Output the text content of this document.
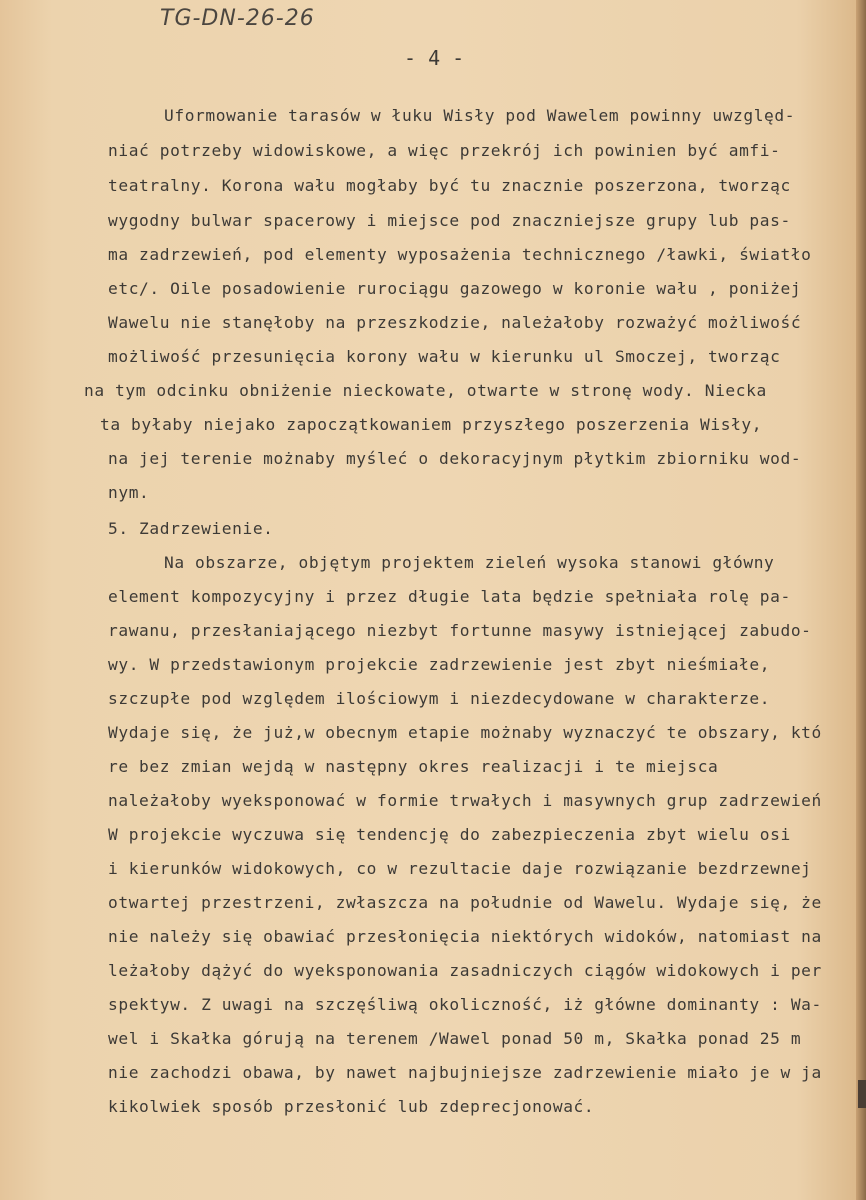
TG-DN-26-26
- 4 -
Uformowanie tarasów w łuku Wisły pod Wawelem powinny uwzględ-
niać potrzeby widowiskowe, a więc przekrój ich powinien być amfi-
teatralny. Korona wału mogłaby być tu znacznie poszerzona, tworząc
wygodny bulwar spacerowy i miejsce pod znaczniejsze grupy lub pas-
ma zadrzewień, pod elementy wyposażenia technicznego /ławki, światło
etc/. Oile posadowienie rurociągu gazowego w koronie wału , poniżej
Wawelu nie stanęłoby na przeszkodzie, należałoby rozważyć możliwość
możliwość przesunięcia korony wału w kierunku ul Smoczej, tworząc
na tym odcinku obniżenie nieckowate, otwarte w stronę wody. Niecka
ta byłaby niejako zapoczątkowaniem przyszłego poszerzenia Wisły,
na jej terenie możnaby myśleć o dekoracyjnym płytkim zbiorniku wod-
nym.
5. Zadrzewienie.
Na obszarze, objętym projektem zieleń wysoka stanowi główny
element kompozycyjny i przez długie lata będzie spełniała rolę pa-
rawanu, przesłaniającego niezbyt fortunne masywy istniejącej zabudo-
wy. W przedstawionym projekcie zadrzewienie jest zbyt nieśmiałe,
szczupłe pod względem ilościowym i niezdecydowane w charakterze.
Wydaje się, że już,w obecnym etapie możnaby wyznaczyć te obszary, któ
re bez zmian wejdą w następny okres realizacji i te miejsca
należałoby wyeksponować w formie trwałych i masywnych grup zadrzewień
W projekcie wyczuwa się tendencję do zabezpieczenia zbyt wielu osi
i kierunków widokowych, co w rezultacie daje rozwiązanie bezdrzewnej
otwartej przestrzeni, zwłaszcza na południe od Wawelu. Wydaje się, że
nie należy się obawiać przesłonięcia niektórych widoków, natomiast na
leżałoby dążyć do wyeksponowania zasadniczych ciągów widokowych i per
spektyw. Z uwagi na szczęśliwą okoliczność, iż główne dominanty : Wa-
wel i Skałka górują na terenem /Wawel ponad 50 m, Skałka ponad 25 m
nie zachodzi obawa, by nawet najbujniejsze zadrzewienie miało je w ja
kikolwiek sposób przesłonić lub zdeprecjonować.
